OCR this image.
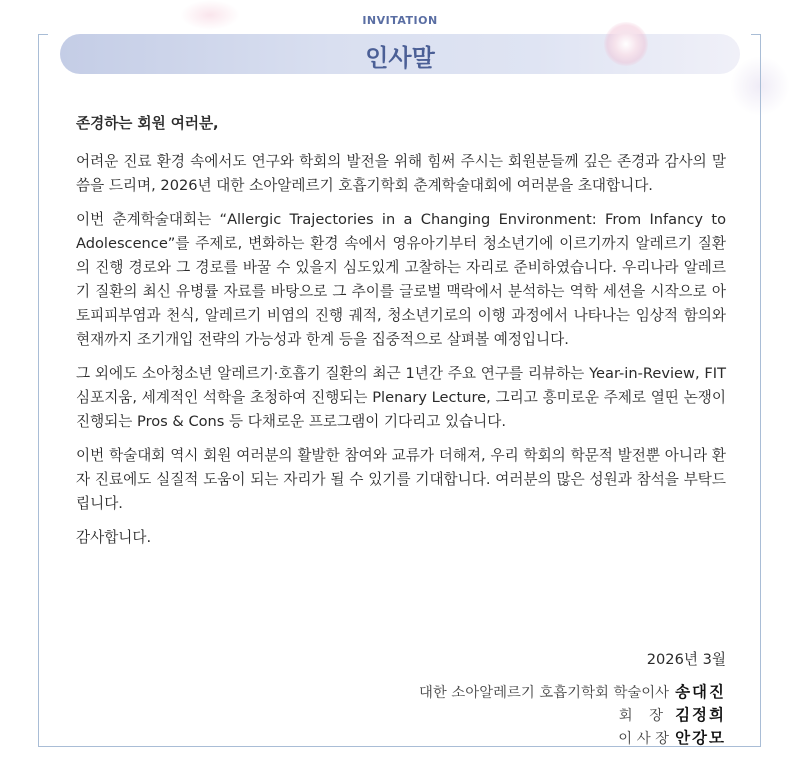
INVITATION
인사말

존경하는 회원 여러분,

어려운 진료 환경 속에서도 연구와 학회의 발전을 위해 힘써 주시는 회원분들께 깊은 존경과 감사의 말씀을 드리며, 2026년 대한 소아알레르기 호흡기학회 춘계학술대회에 여러분을 초대합니다.

이번 춘계학술대회는 “Allergic Trajectories in a Changing Environment: From Infancy to Adolescence”를 주제로, 변화하는 환경 속에서 영유아기부터 청소년기에 이르기까지 알레르기 질환의 진행 경로와 그 경로를 바꿀 수 있을지 심도있게 고찰하는 자리로 준비하였습니다. 우리나라 알레르기 질환의 최신 유병률 자료를 바탕으로 그 추이를 글로벌 맥락에서 분석하는 역학 세션을 시작으로 아토피피부염과 천식, 알레르기 비염의 진행 궤적, 청소년기로의 이행 과정에서 나타나는 임상적 함의와 현재까지 조기개입 전략의 가능성과 한계 등을 집중적으로 살펴볼 예정입니다.

그 외에도 소아청소년 알레르기·호흡기 질환의 최근 1년간 주요 연구를 리뷰하는 Year-in-Review, FIT 심포지움, 세계적인 석학을 초청하여 진행되는 Plenary Lecture, 그리고 흥미로운 주제로 열띤 논쟁이 진행되는 Pros & Cons 등 다채로운 프로그램이 기다리고 있습니다.

이번 학술대회 역시 회원 여러분의 활발한 참여와 교류가 더해져, 우리 학회의 학문적 발전뿐 아니라 환자 진료에도 실질적 도움이 되는 자리가 될 수 있기를 기대합니다. 여러분의 많은 성원과 참석을 부탁드립니다.

감사합니다.

2026년 3월
대한 소아알레르기 호흡기학회 학술이사 송대진
회 장 김정희
이 사 장 안강모
